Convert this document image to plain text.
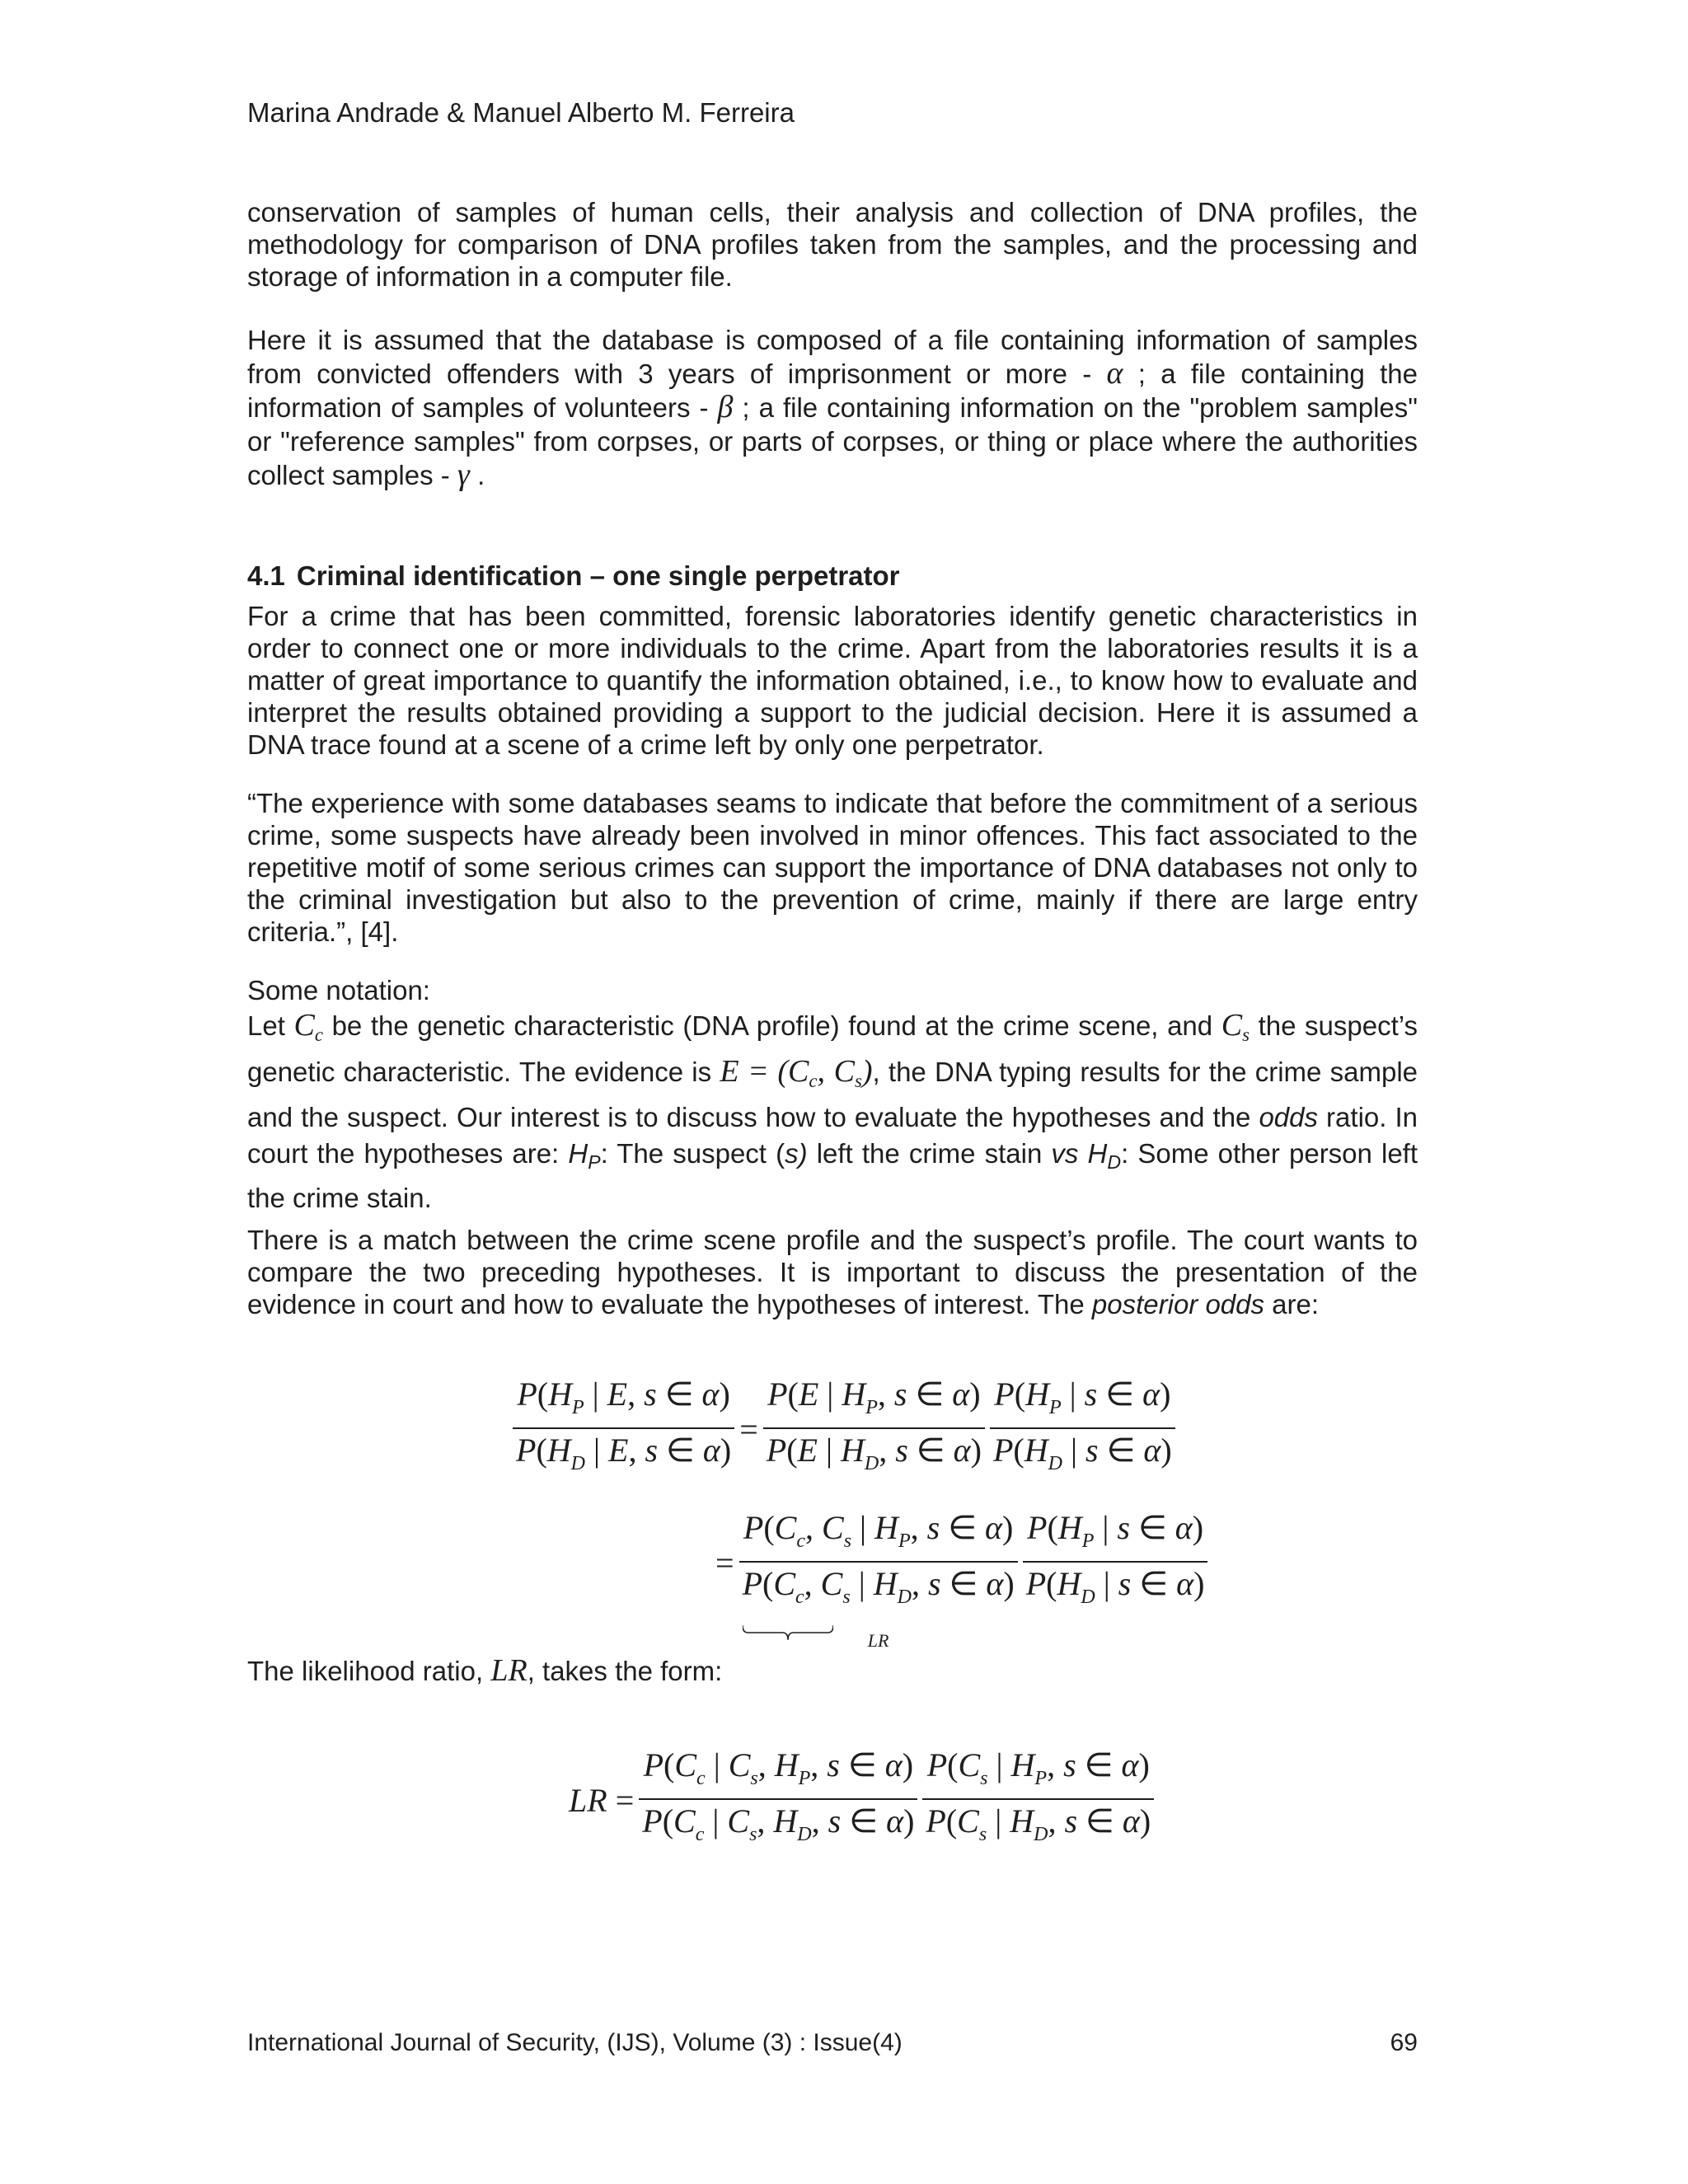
Marina Andrade & Manuel Alberto M. Ferreira

conservation of samples of human cells, their analysis and collection of DNA profiles, the methodology for comparison of DNA profiles taken from the samples, and the processing and storage of information in a computer file.

Here it is assumed that the database is composed of a file containing information of samples from convicted offenders with 3 years of imprisonment or more - α ; a file containing the information of samples of volunteers - β ; a file containing information on the "problem samples" or "reference samples" from corpses, or parts of corpses, or thing or place where the authorities collect samples - γ .

4.1 Criminal identification – one single perpetrator

For a crime that has been committed, forensic laboratories identify genetic characteristics in order to connect one or more individuals to the crime. Apart from the laboratories results it is a matter of great importance to quantify the information obtained, i.e., to know how to evaluate and interpret the results obtained providing a support to the judicial decision. Here it is assumed a DNA trace found at a scene of a crime left by only one perpetrator.

“The experience with some databases seams to indicate that before the commitment of a serious crime, some suspects have already been involved in minor offences. This fact associated to the repetitive motif of some serious crimes can support the importance of DNA databases not only to the criminal investigation but also to the prevention of crime, mainly if there are large entry criteria.”, [4].

Some notation:

Let $C_c$ be the genetic characteristic (DNA profile) found at the crime scene, and $C_s$ the suspect’s genetic characteristic. The evidence is $E = (C_c$, $C_s$), the DNA typing results for the crime sample and the suspect. Our interest is to discuss how to evaluate the hypotheses and the odds ratio. In court the hypotheses are: $H_P$: The suspect (s) left the crime stain vs $H_D$: Some other person left the crime stain.

There is a match between the crime scene profile and the suspect’s profile. The court wants to compare the two preceding hypotheses. It is important to discuss the presentation of the evidence in court and how to evaluate the hypotheses of interest. The posterior odds are:

$\frac{P(H_P | E, s \in \alpha)}{P(H_D | E, s \in \alpha)} = \frac{P(E | H_P, s \in \alpha)}{P(E | H_D, s \in \alpha)} \frac{P(H_P | s \in \alpha)}{P(H_D | s \in \alpha)}$
= $\frac{P(C_c, C_s | H_P, s \in \alpha)}{P(C_c, C_s | H_D, s \in \alpha)}$
LR
$\frac{P(H_P | s \in \alpha)}{P(H_D | s \in \alpha)}$
The likelihood ratio, LR, takes the form:
LR = $\frac{P(C_c | C_s, H_P, s \in \alpha)}{P(C_c | C_s, H_D, s \in \alpha)} \frac{P(C_s | H_P, s \in \alpha)}{P(C_s | H_D, s \in \alpha)}$
International Journal of Security, (IJS), Volume (3) : Issue(4)	69
